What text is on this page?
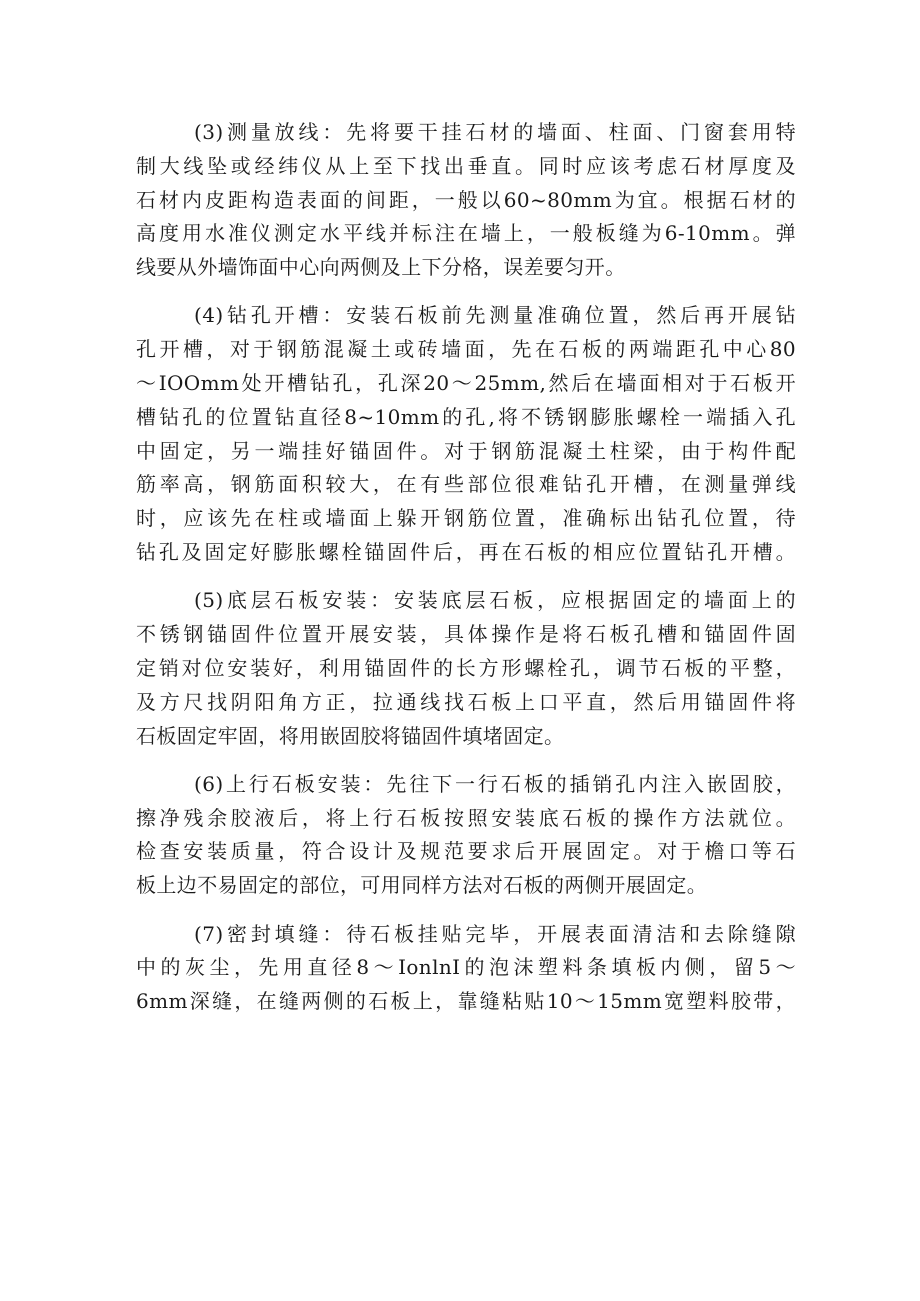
(3)测量放线：先将要干挂石材的墙面、柱面、门窗套用特
制大线坠或经纬仪从上至下找出垂直。同时应该考虑石材厚度及
石材内皮距构造表面的间距，一般以60~80mm为宜。根据石材的
高度用水准仪测定水平线并标注在墙上，一般板缝为6-10mm。弹
线要从外墙饰面中心向两侧及上下分格，误差要匀开。

(4)钻孔开槽：安装石板前先测量准确位置，然后再开展钻
孔开槽，对于钢筋混凝土或砖墙面，先在石板的两端距孔中心80
～IOOmm处开槽钻孔，孔深20～25mm,然后在墙面相对于石板开
槽钻孔的位置钻直径8~10mm的孔,将不锈钢膨胀螺栓一端插入孔
中固定，另一端挂好锚固件。对于钢筋混凝土柱梁，由于构件配
筋率高，钢筋面积较大，在有些部位很难钻孔开槽，在测量弹线
时，应该先在柱或墙面上躲开钢筋位置，准确标出钻孔位置，待
钻孔及固定好膨胀螺栓锚固件后，再在石板的相应位置钻孔开槽。

(5)底层石板安装：安装底层石板，应根据固定的墙面上的
不锈钢锚固件位置开展安装，具体操作是将石板孔槽和锚固件固
定销对位安装好，利用锚固件的长方形螺栓孔，调节石板的平整，
及方尺找阴阳角方正，拉通线找石板上口平直，然后用锚固件将
石板固定牢固，将用嵌固胶将锚固件填堵固定。

(6)上行石板安装：先往下一行石板的插销孔内注入嵌固胶，
擦净残余胶液后，将上行石板按照安装底石板的操作方法就位。
检查安装质量，符合设计及规范要求后开展固定。对于檐口等石
板上边不易固定的部位，可用同样方法对石板的两侧开展固定。

(7)密封填缝：待石板挂贴完毕，开展表面清洁和去除缝隙
中的灰尘，先用直径8～IonlnI的泡沫塑料条填板内侧，留5～
6mm深缝，在缝两侧的石板上，靠缝粘贴10～15mm宽塑料胶带，
